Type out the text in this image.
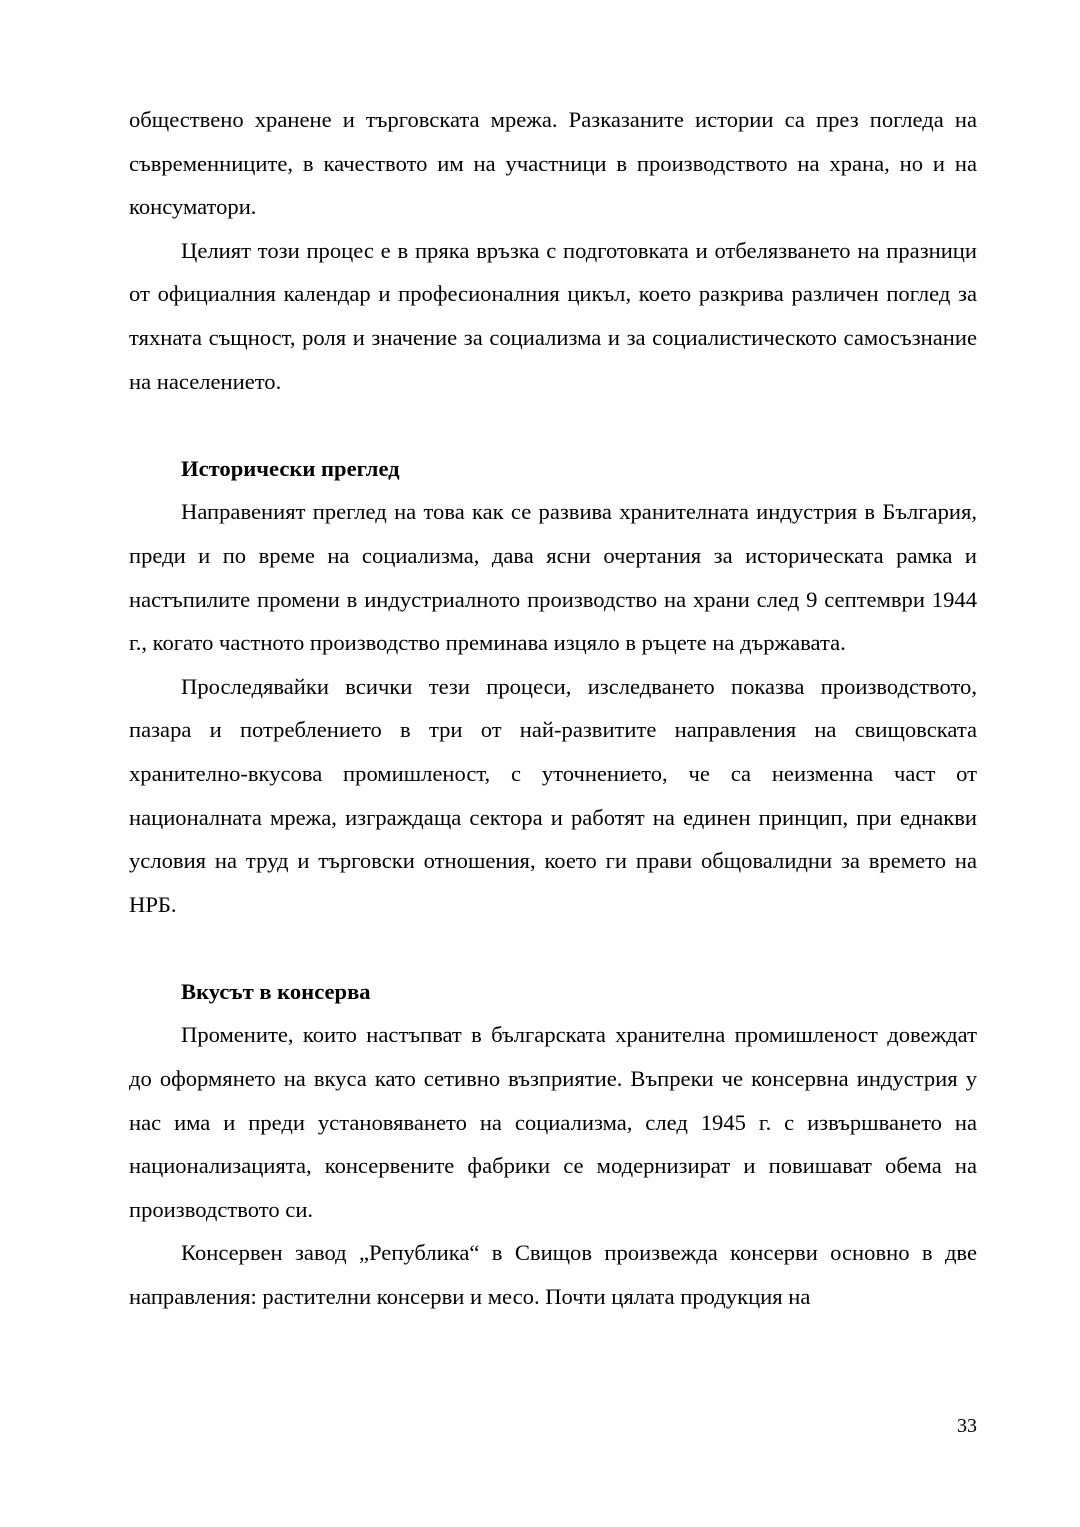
обществено хранене и търговската мрежа. Разказаните истории са през погледа на съвременниците, в качеството им на участници в производството на храна, но и на консуматори.

Целият този процес е в пряка връзка с подготовката и отбелязването на празници от официалния календар и професионалния цикъл, което разкрива различен поглед за тяхната същност, роля и значение за социализма и за социалистическото самосъзнание на населението.

Исторически преглед

Направеният преглед на това как се развива хранителната индустрия в България, преди и по време на социализма, дава ясни очертания за историческата рамка и настъпилите промени в индустриалното производство на храни след 9 септември 1944 г., когато частното производство преминава изцяло в ръцете на държавата.

Проследявайки всички тези процеси, изследването показва производството, пазара и потреблението в три от най-развитите направления на свищовската хранително-вкусова промишленост, с уточнението, че са неизменна част от националната мрежа, изграждаща сектора и работят на единен принцип, при еднакви условия на труд и търговски отношения, което ги прави общовалидни за времето на НРБ.

Вкусът в консерва

Промените, които настъпват в българската хранителна промишленост довеждат до оформянето на вкуса като сетивно възприятие. Въпреки че консервна индустрия у нас има и преди установяването на социализма, след 1945 г. с извършването на национализацията, консервените фабрики се модернизират и повишават обема на производството си.

Консервен завод „Република“ в Свищов произвежда консерви основно в две направления: растителни консерви и месо. Почти цялата продукция на

33
